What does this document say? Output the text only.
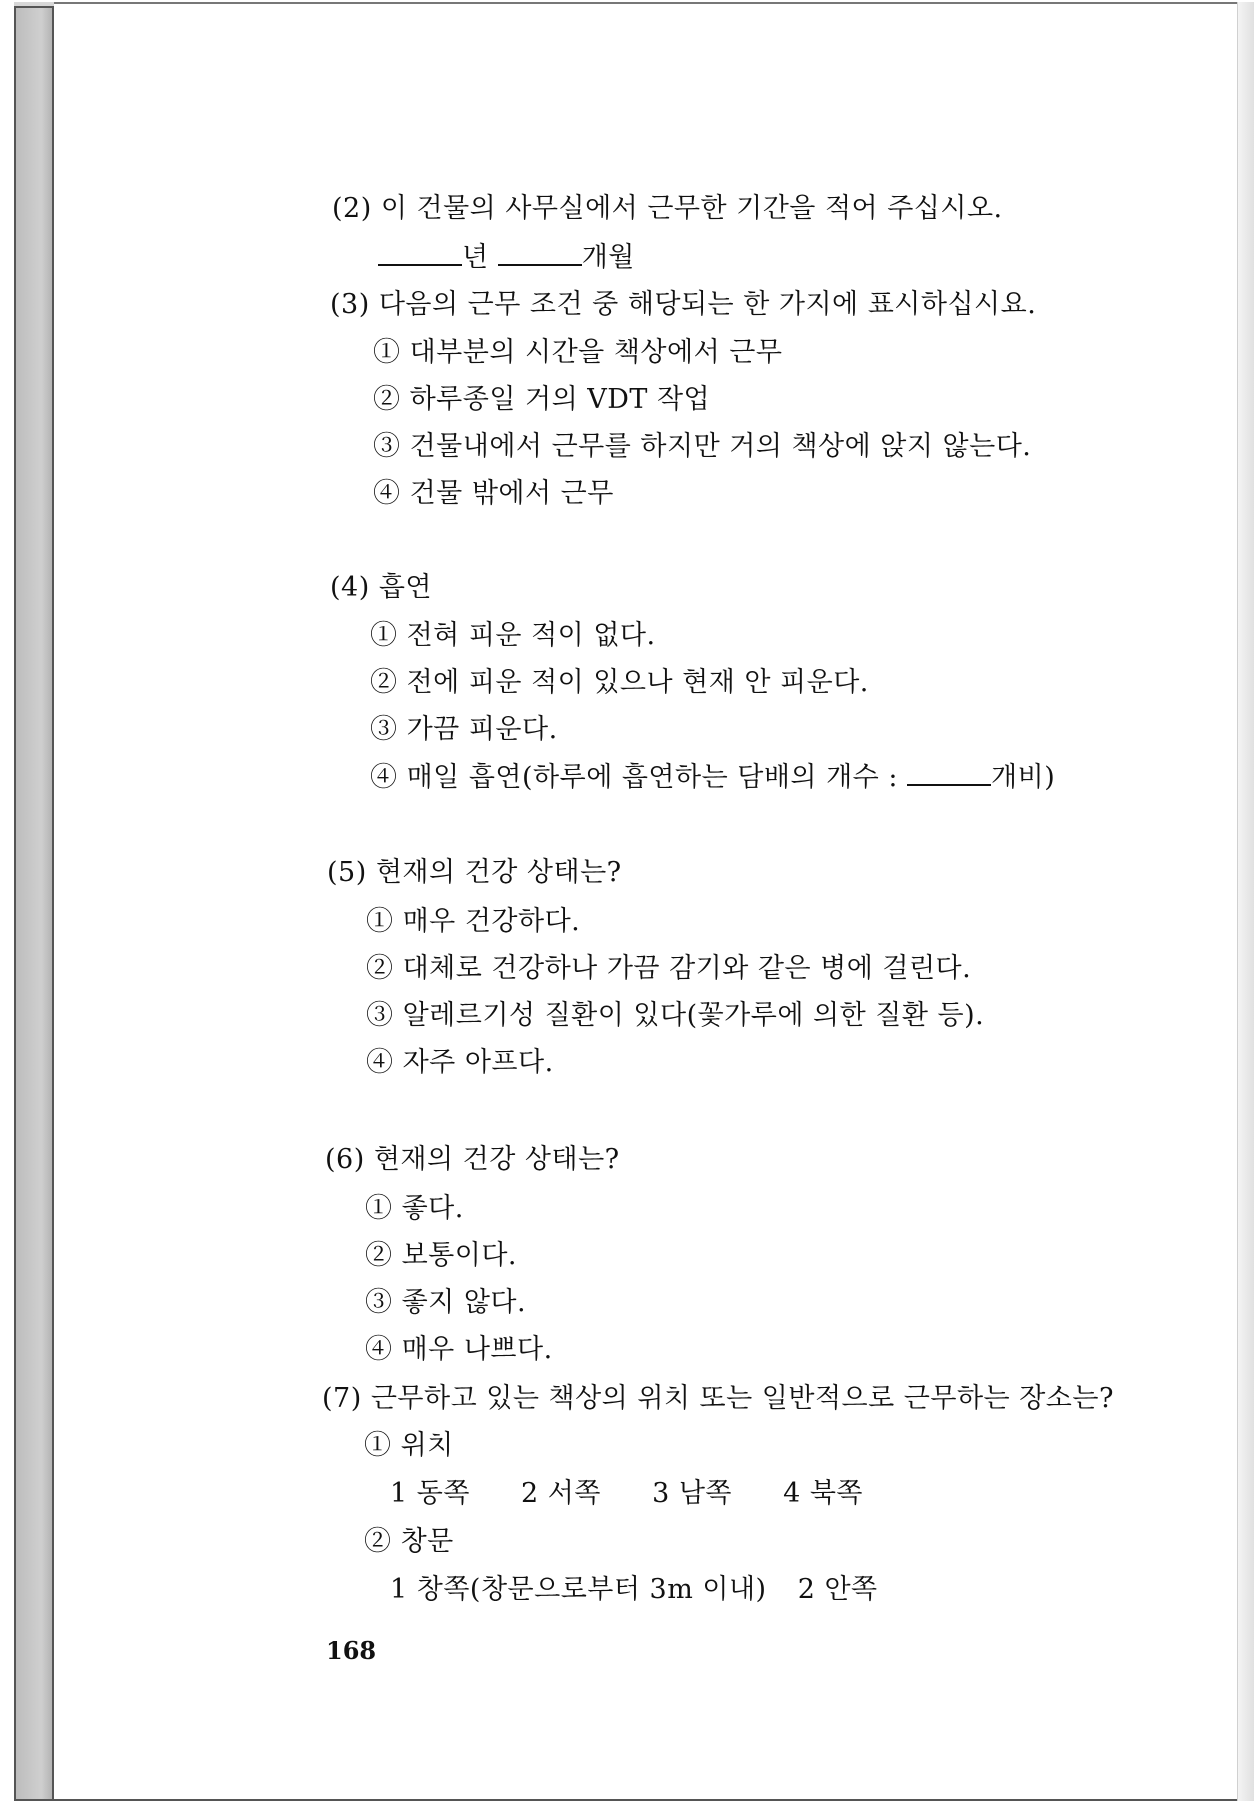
(2) 이 건물의 사무실에서 근무한 기간을 적어 주십시오.
년	개월
(3) 다음의 근무 조건 중 해당되는 한 가지에 표시하십시요.
① 대부분의 시간을 책상에서 근무
② 하루종일 거의 VDT 작업
③ 건물내에서 근무를 하지만 거의 책상에 앉지 않는다.
④ 건물 밖에서 근무
(4) 흡연
① 전혀 피운 적이 없다.
② 전에 피운 적이 있으나 현재 안 피운다.
③ 가끔 피운다.
④ 매일 흡연(하루에 흡연하는 담배의 개수 :	개비)
(5) 현재의 건강 상태는?
① 매우 건강하다.
② 대체로 건강하나 가끔 감기와 같은 병에 걸린다.
③ 알레르기성 질환이 있다(꽃가루에 의한 질환 등).
④ 자주 아프다.
(6) 현재의 건강 상태는?
① 좋다.
② 보통이다.
③ 좋지 않다.
④ 매우 나쁘다.
(7) 근무하고 있는 책상의 위치 또는 일반적으로 근무하는 장소는?
① 위치
1 동쪽 2 서쪽 3 남쪽 4 북쪽
② 창문
1 창쪽(창문으로부터 3m 이내) 2 안쪽
168
